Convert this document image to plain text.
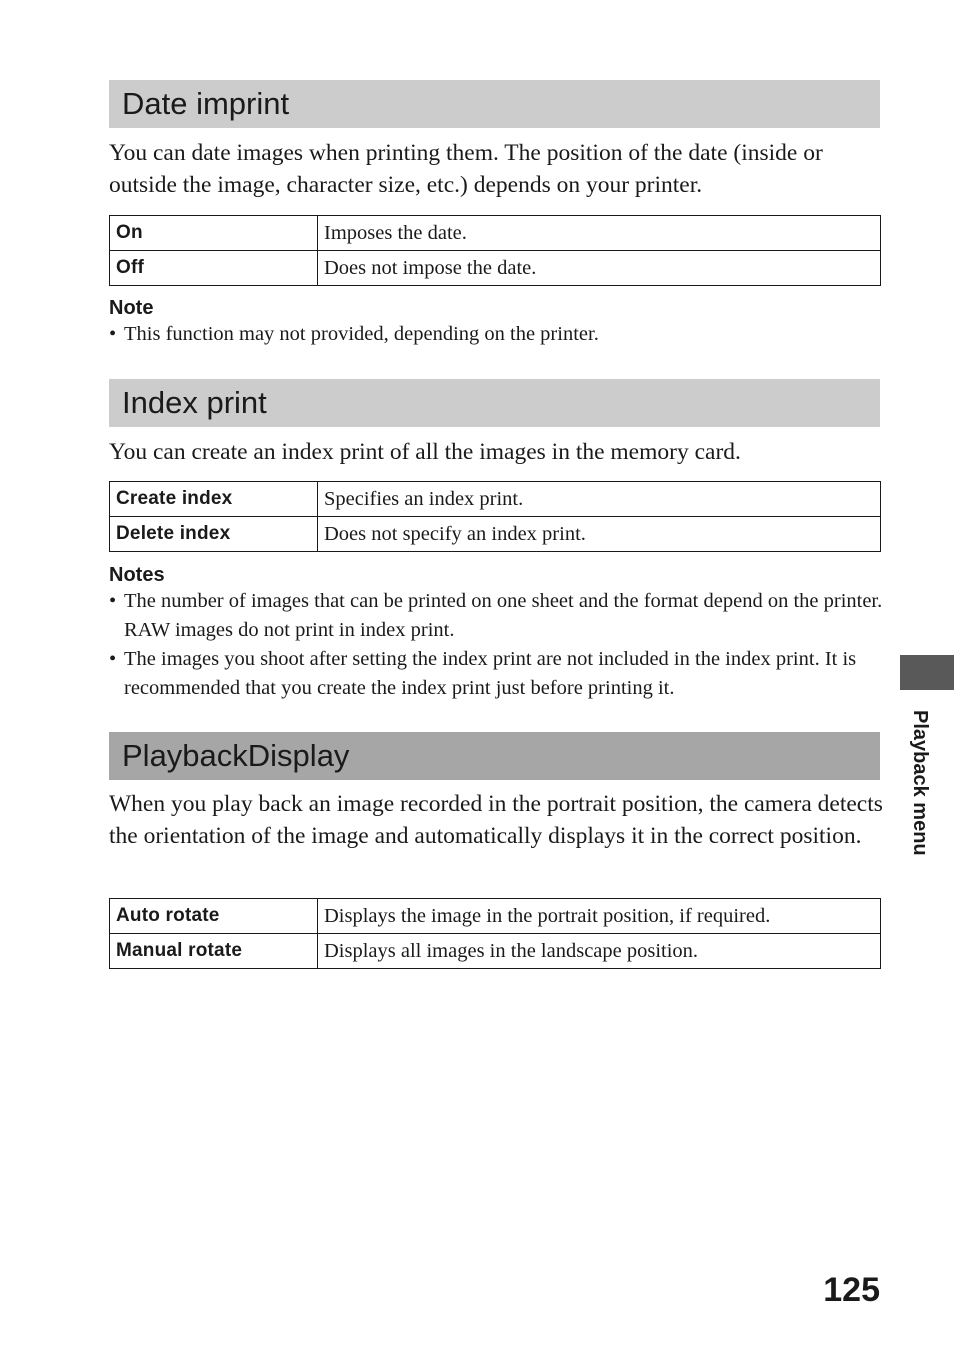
Date imprint

You can date images when printing them. The position of the date (inside or outside the image, character size, etc.) depends on your printer.

On	Imposes the date.
Off	Does not impose the date.
Note
• This function may not provided, depending on the printer.
Index print

You can create an index print of all the images in the memory card.

Create index	Specifies an index print.
Delete index	Does not specify an index print.
Notes
• The number of images that can be printed on one sheet and the format depend on the printer. RAW images do not print in index print.
• The images you shoot after setting the index print are not included in the index print. It is recommended that you create the index print just before printing it.
PlaybackDisplay

When you play back an image recorded in the portrait position, the camera detects the orientation of the image and automatically displays it in the correct position.

Auto rotate	Displays the image in the portrait position, if required.
Manual rotate	Displays all images in the landscape position.
Playback menu
125
